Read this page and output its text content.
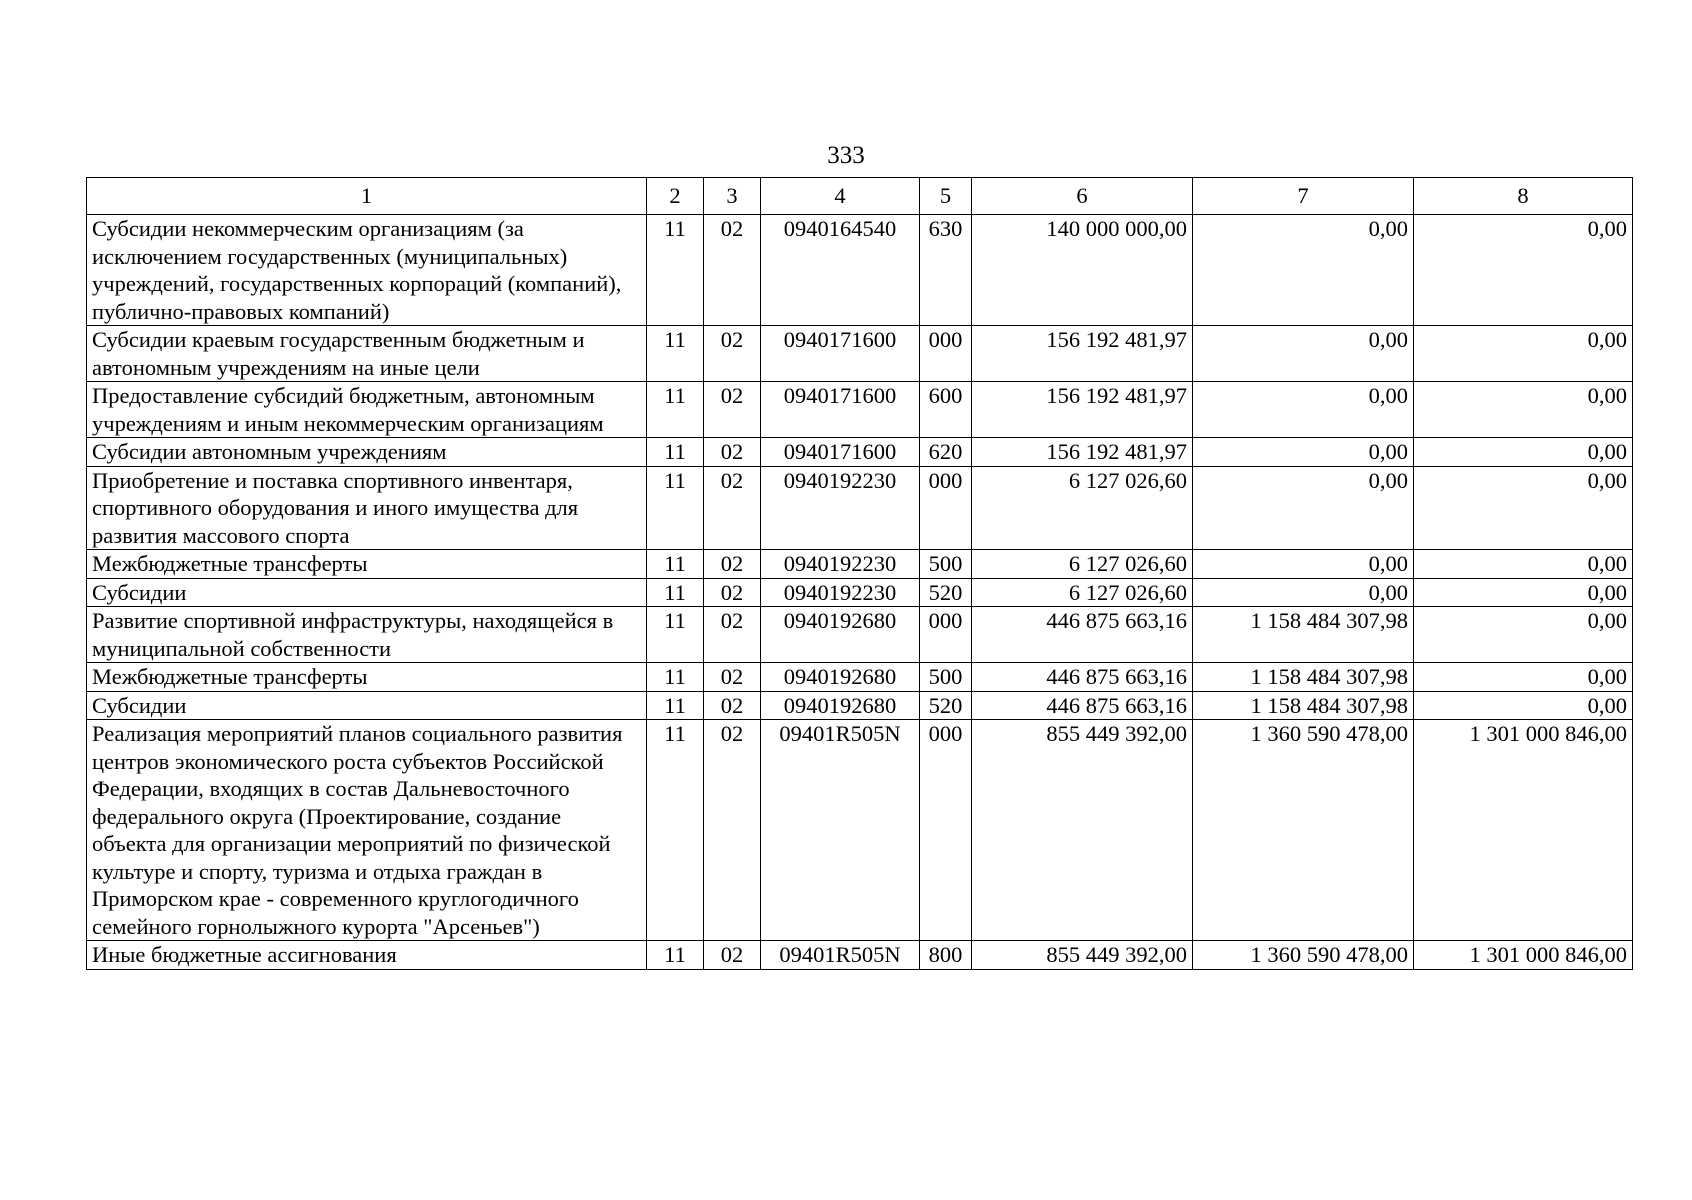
333
1	2	3	4	5	6	7	8
Субсидии некоммерческим организациям (за исключением государственных (муниципальных) учреждений, государственных корпораций (компаний), публично-правовых компаний)	11	02	0940164540	630	140 000 000,00	0,00	0,00
Субсидии краевым государственным бюджетным и автономным учреждениям на иные цели	11	02	0940171600	000	156 192 481,97	0,00	0,00
Предоставление субсидий бюджетным, автономным учреждениям и иным некоммерческим организациям	11	02	0940171600	600	156 192 481,97	0,00	0,00
Субсидии автономным учреждениям	11	02	0940171600	620	156 192 481,97	0,00	0,00
Приобретение и поставка спортивного инвентаря, спортивного оборудования и иного имущества для развития массового спорта	11	02	0940192230	000	6 127 026,60	0,00	0,00
Межбюджетные трансферты	11	02	0940192230	500	6 127 026,60	0,00	0,00
Субсидии	11	02	0940192230	520	6 127 026,60	0,00	0,00
Развитие спортивной инфраструктуры, находящейся в муниципальной собственности	11	02	0940192680	000	446 875 663,16	1 158 484 307,98	0,00
Межбюджетные трансферты	11	02	0940192680	500	446 875 663,16	1 158 484 307,98	0,00
Субсидии	11	02	0940192680	520	446 875 663,16	1 158 484 307,98	0,00
Реализация мероприятий планов социального развития центров экономического роста субъектов Российской Федерации, входящих в состав Дальневосточного федерального округа (Проектирование, создание объекта для организации мероприятий по физической культуре и спорту, туризма и отдыха граждан в Приморском крае - современного круглогодичного семейного горнолыжного курорта "Арсеньев")	11	02	09401R505N	000	855 449 392,00	1 360 590 478,00	1 301 000 846,00
Иные бюджетные ассигнования	11	02	09401R505N	800	855 449 392,00	1 360 590 478,00	1 301 000 846,00
